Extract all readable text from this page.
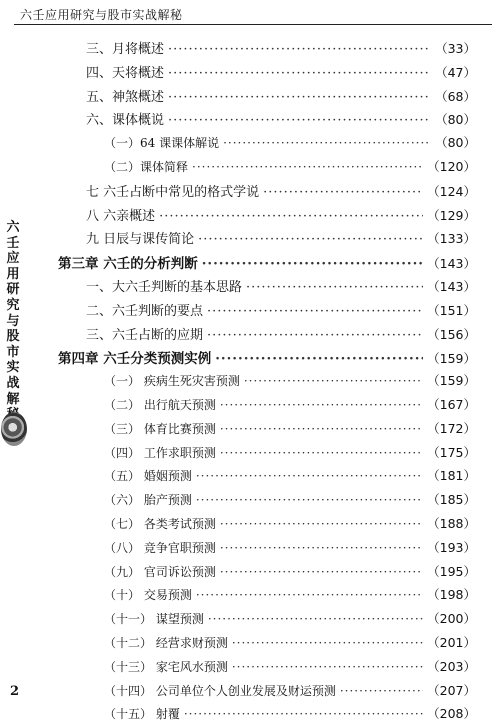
六壬应用研究与股市实战解秘
六壬应用研究与股市实战解
2
三、月将概述 ·····	（33）
四、天将概述 ·····	（47）
五、神煞概述 ·····	（68）
六、课体概说 ·····	（80）
（一）64 课课体解说 ·····	（80）
（二）课体简释 ·····	（120）
七 六壬占断中常见的格式学说 ·····	（124）
八 六亲概述 ·····	（129）
九 日辰与课传简论 ·····	（133）
第三章 六壬的分析判断 ·····	（143）
一、大六壬判断的基本思路 ·····	（143）
二、六壬判断的要点 ·····	（151）
三、六壬占断的应期 ·····	（156）
第四章 六壬分类预测实例 ·····	（159）
（一） 疾病生死灾害预测 ·····	（159）
（二） 出行航天预测 ·····	（167）
（三） 体育比赛预测 ·····	（172）
（四） 工作求职预测 ·····	（175）
（五） 婚姻预测 ·····	（181）
（六） 胎产预测 ·····	（185）
（七） 各类考试预测 ·····	（188）
（八） 竞争官职预测 ·····	（193）
（九） 官司诉讼预测 ·····	（195）
（十） 交易预测 ·····	（198）
（十一） 谋望预测 ·····	（200）
（十二） 经营求财预测 ·····	（201）
（十三） 家宅风水预测 ·····	（203）
（十四） 公司单位个人创业发展及财运预测 ·····	（207）
（十五） 射覆 ·····	（208）
